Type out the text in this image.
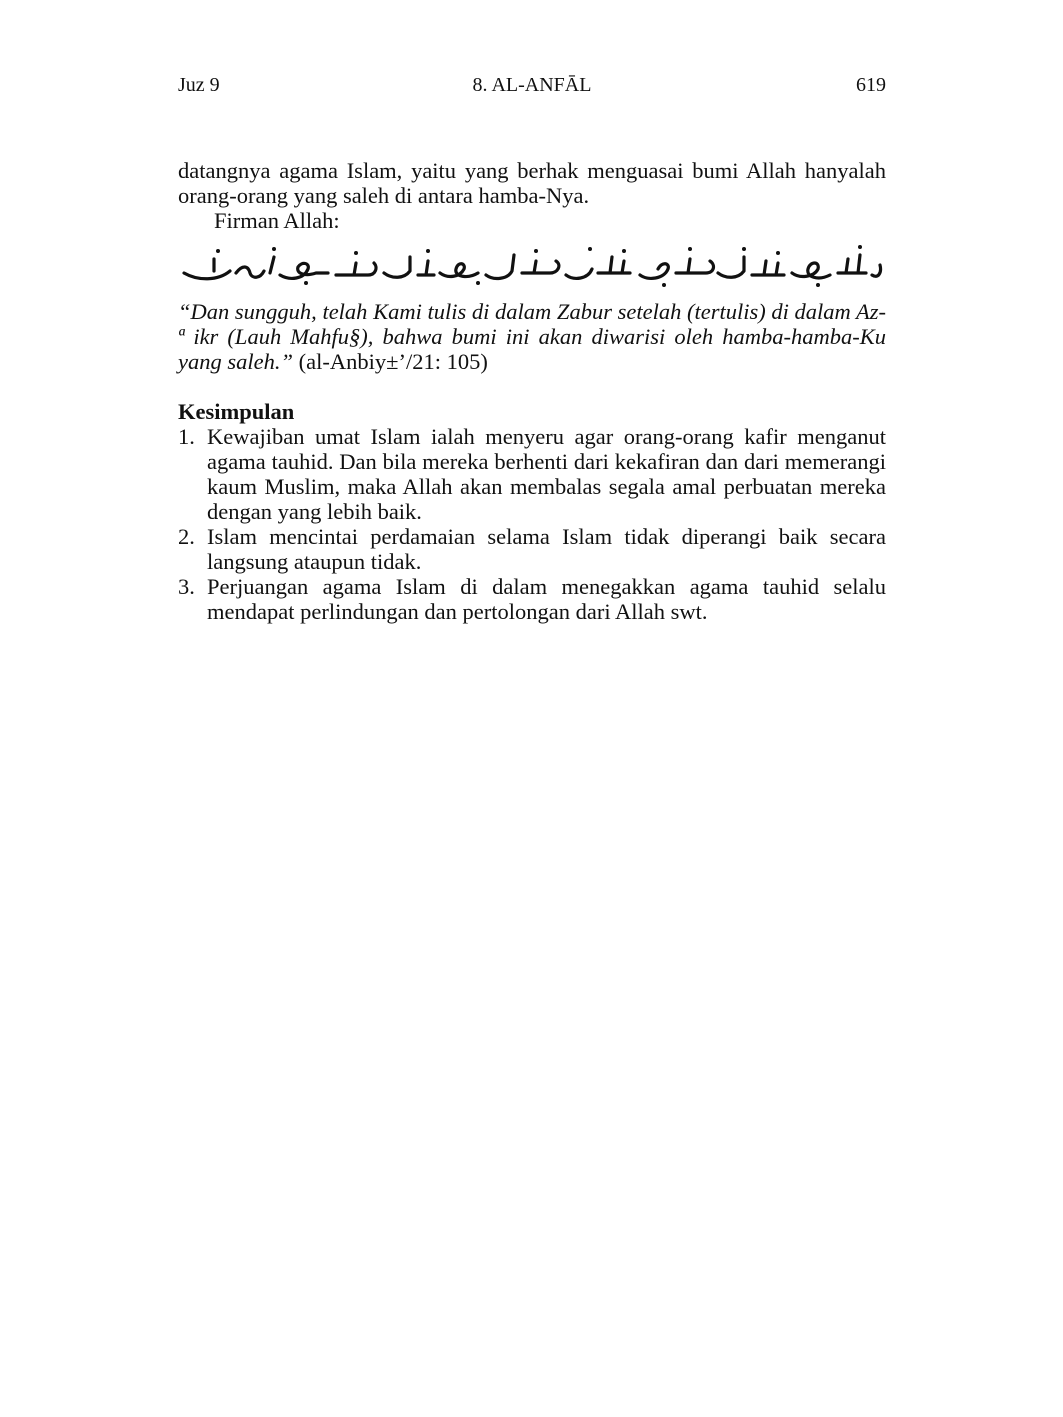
Juz 9	8. AL-ANFĀL	619
datangnya agama Islam, yaitu yang berhak menguasai bumi Allah hanyalah orang-orang yang saleh di antara hamba-Nya.
Firman Allah:
“Dan sungguh, telah Kami tulis di dalam Zabur setelah (tertulis) di dalam Az-ª ikr (Lauh Mahfu§), bahwa bumi ini akan diwarisi oleh hamba-hamba-Ku yang saleh.” (al-Anbiy±’/21: 105)
Kesimpulan
1. Kewajiban umat Islam ialah menyeru agar orang-orang kafir menganut agama tauhid. Dan bila mereka berhenti dari kekafiran dan dari memerangi kaum Muslim, maka Allah akan membalas segala amal perbuatan mereka dengan yang lebih baik.
2. Islam mencintai perdamaian selama Islam tidak diperangi baik secara langsung ataupun tidak.
3. Perjuangan agama Islam di dalam menegakkan agama tauhid selalu mendapat perlindungan dan pertolongan dari Allah swt.
